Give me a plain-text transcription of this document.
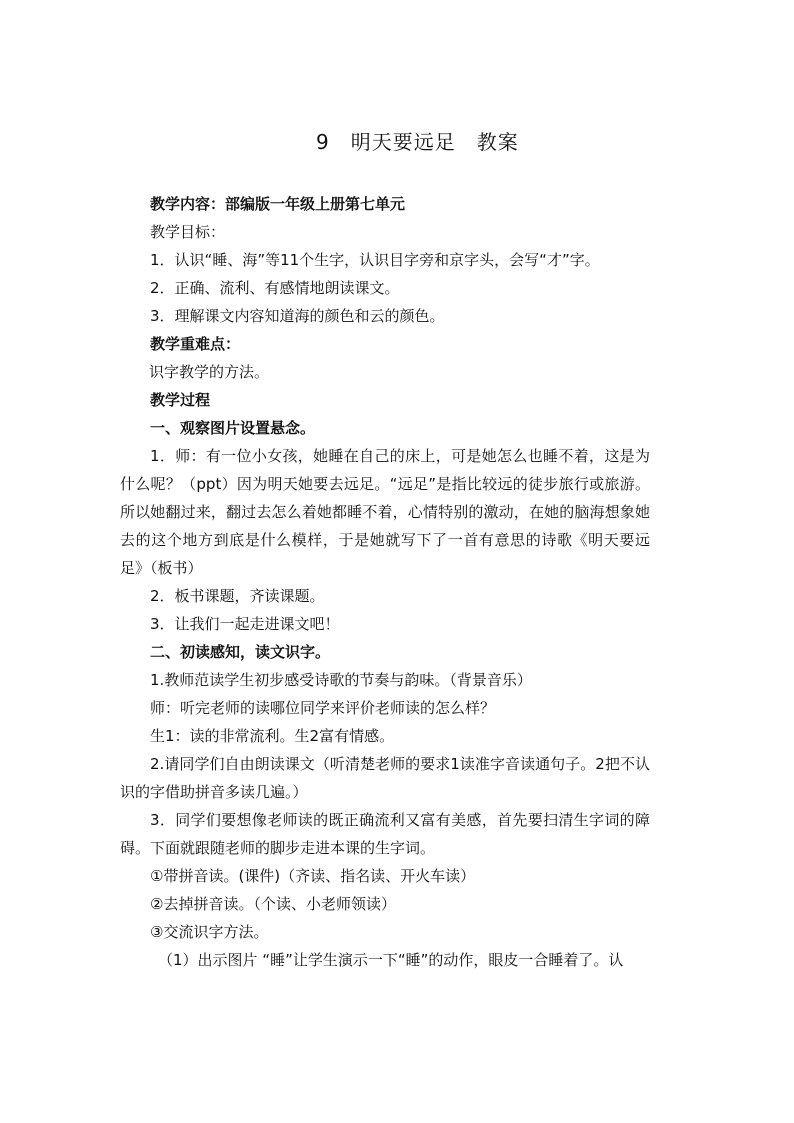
9　明天要远足　教案
教学内容：部编版一年级上册第七单元
教学目标：
1．认识“睡、海”等11个生字，认识目字旁和京字头，会写“才”字。
2．正确、流利、有感情地朗读课文。
3．理解课文内容知道海的颜色和云的颜色。
教学重难点：
识字教学的方法。
教学过程
一、观察图片设置悬念。
1．师：有一位小女孩，她睡在自己的床上，可是她怎么也睡不着，这是为什么呢？（ppt）因为明天她要去远足。“远足”是指比较远的徒步旅行或旅游。所以她翻过来，翻过去怎么着她都睡不着，心情特别的激动，在她的脑海想象她去的这个地方到底是什么模样，于是她就写下了一首有意思的诗歌《明天要远足》（板书）
2．板书课题，齐读课题。
3．让我们一起走进课文吧！
二、初读感知，读文识字。
1.教师范读学生初步感受诗歌的节奏与韵味。（背景音乐）
师：听完老师的读哪位同学来评价老师读的怎么样？
生1：读的非常流利。生2富有情感。
2.请同学们自由朗读课文（听清楚老师的要求1读准字音读通句子。2把不认识的字借助拼音多读几遍。）
3．同学们要想像老师读的既正确流利又富有美感，首先要扫清生字词的障碍。下面就跟随老师的脚步走进本课的生字词。
①带拼音读。(课件)（齐读、指名读、开火车读）
②去掉拼音读。（个读、小老师领读）
③交流识字方法。
（1）出示图片 “睡”让学生演示一下“睡”的动作，眼皮一合睡着了。认
